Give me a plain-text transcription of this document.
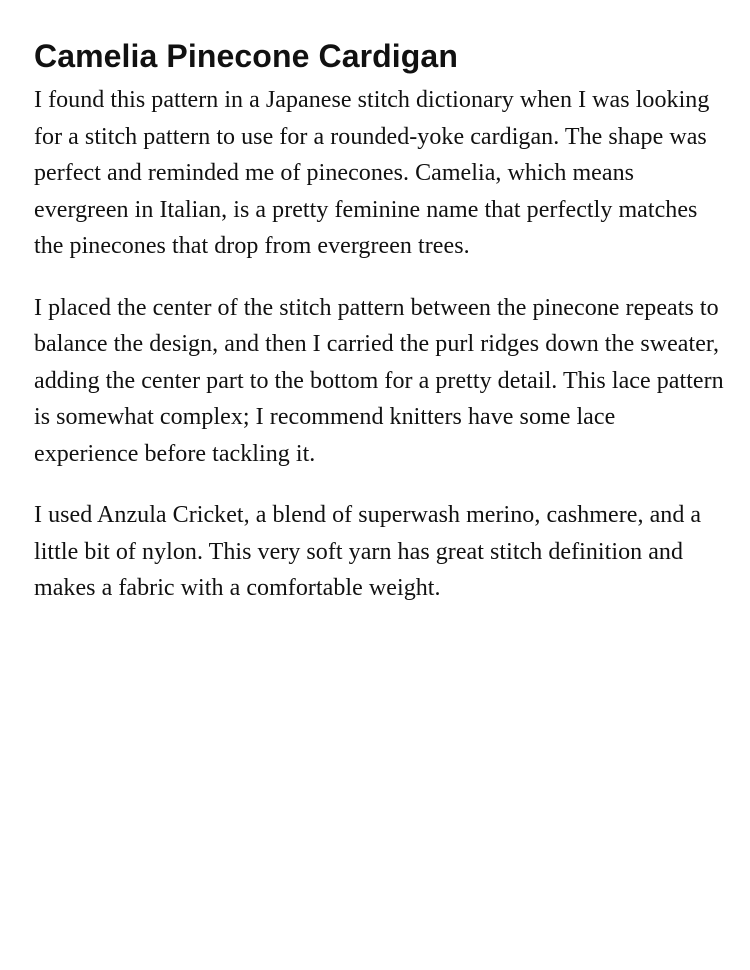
Camelia Pinecone Cardigan

I found this pattern in a Japanese stitch dictionary when I was looking for a stitch pattern to use for a rounded-yoke cardigan. The shape was perfect and reminded me of pinecones. Camelia, which means evergreen in Italian, is a pretty feminine name that perfectly matches the pinecones that drop from evergreen trees.

I placed the center of the stitch pattern between the pinecone repeats to balance the design, and then I carried the purl ridges down the sweater, adding the center part to the bottom for a pretty detail. This lace pattern is somewhat complex; I recommend knitters have some lace experience before tackling it.

I used Anzula Cricket, a blend of superwash merino, cashmere, and a little bit of nylon. This very soft yarn has great stitch definition and makes a fabric with a comfortable weight.
